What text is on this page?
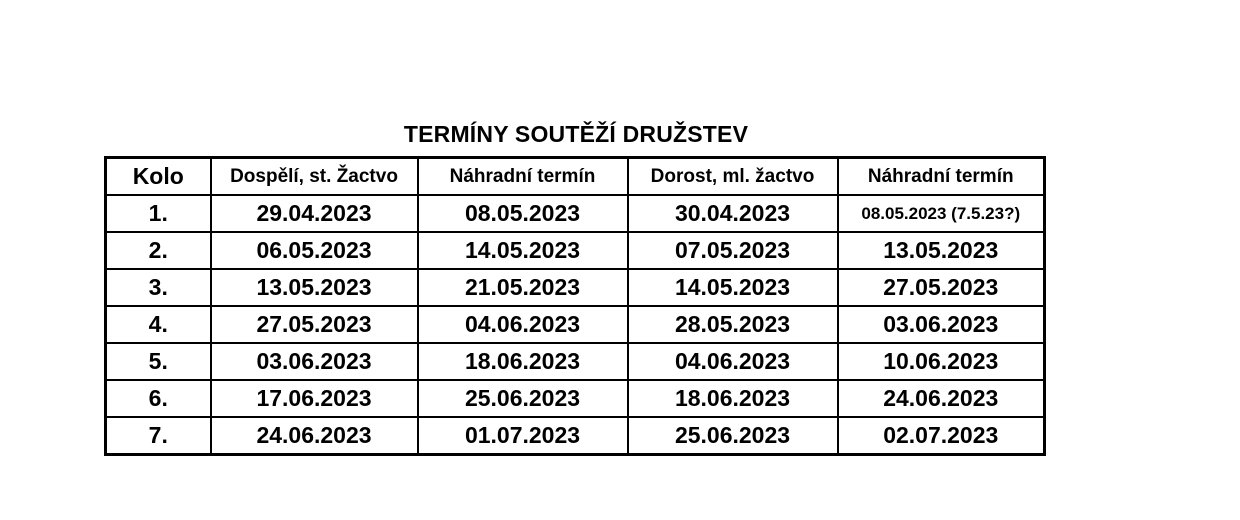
TERMÍNY SOUTĚŽÍ DRUŽSTEV
Kolo	Dospělí, st. Žactvo	Náhradní termín	Dorost, ml. žactvo	Náhradní termín
1.	29.04.2023	08.05.2023	30.04.2023	08.05.2023 (7.5.23?)
2.	06.05.2023	14.05.2023	07.05.2023	13.05.2023
3.	13.05.2023	21.05.2023	14.05.2023	27.05.2023
4.	27.05.2023	04.06.2023	28.05.2023	03.06.2023
5.	03.06.2023	18.06.2023	04.06.2023	10.06.2023
6.	17.06.2023	25.06.2023	18.06.2023	24.06.2023
7.	24.06.2023	01.07.2023	25.06.2023	02.07.2023
